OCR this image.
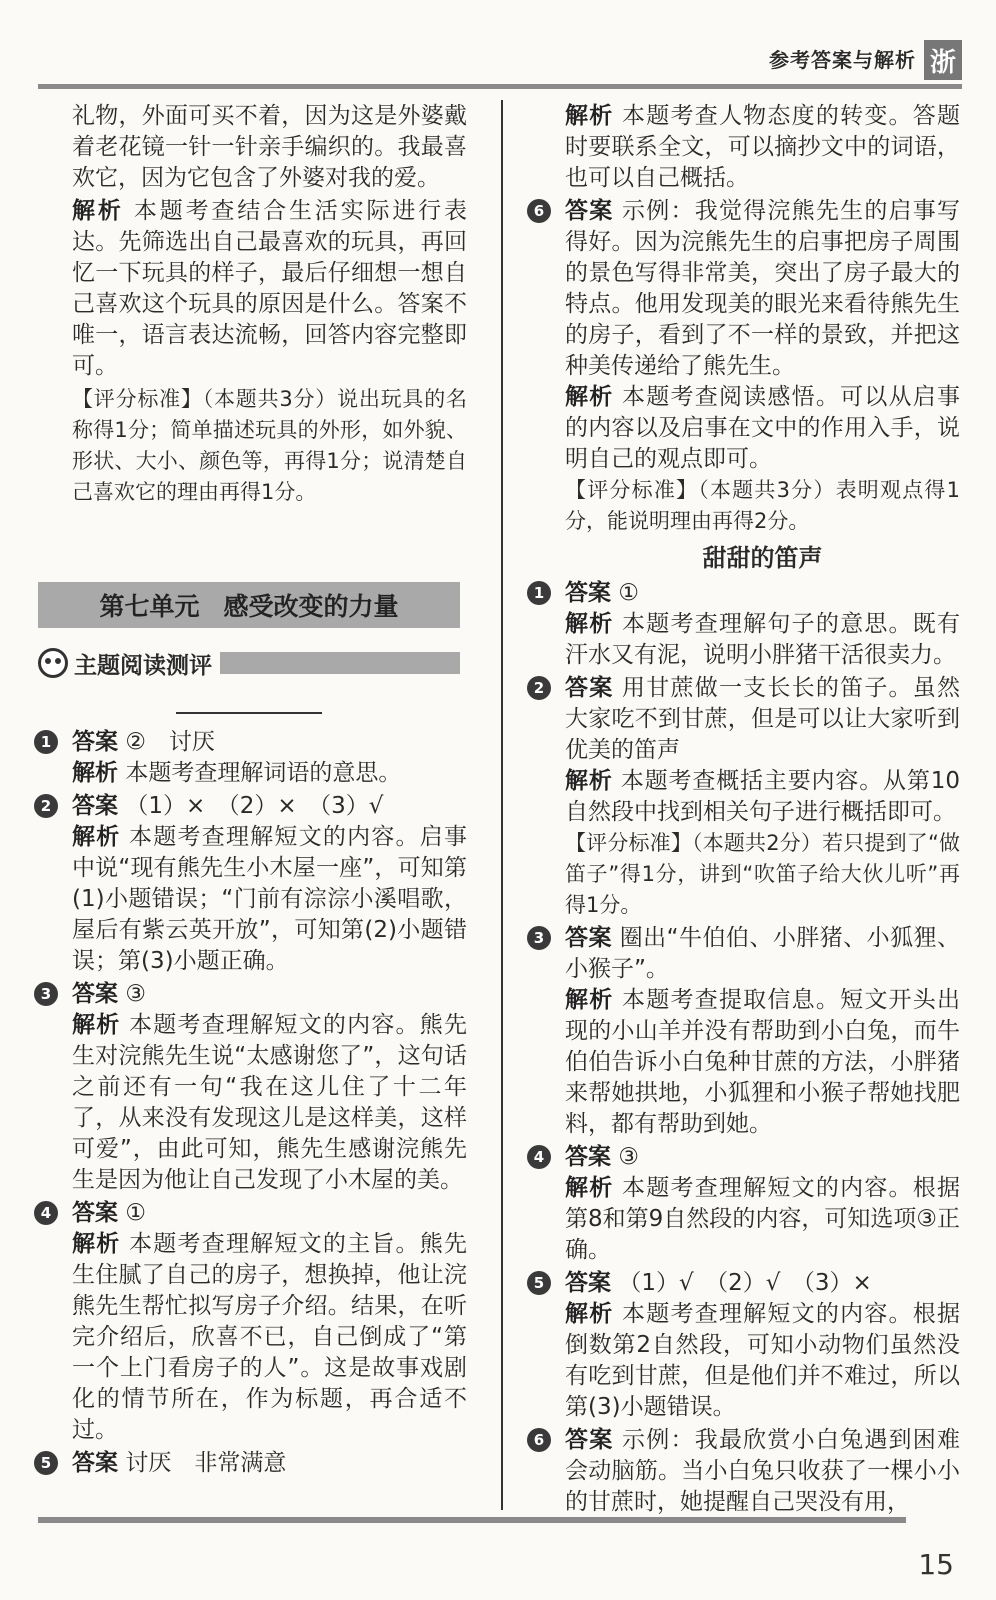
参考答案与解析 浙

礼物，外面可买不着，因为这是外婆戴着老花镜一针一针亲手编织的。我最喜欢它，因为它包含了外婆对我的爱。

解析 本题考查结合生活实际进行表达。先筛选出自己最喜欢的玩具，再回忆一下玩具的样子，最后仔细想一想自己喜欢这个玩具的原因是什么。答案不唯一，语言表达流畅，回答内容完整即可。

【评分标准】（本题共3分）说出玩具的名称得1分；简单描述玩具的外形，如外貌、形状、大小、颜色等，再得1分；说清楚自己喜欢它的理由再得1分。

第七单元 感受改变的力量
主题阅读测评
1 答案 ②　讨厌
解析 本题考查理解词语的意思。
2 答案 （1）×　（2）×　（3）√
解析 本题考查理解短文的内容。启事中说“现有熊先生小木屋一座”，可知第(1)小题错误；“门前有淙淙小溪唱歌，屋后有紫云英开放”，可知第(2)小题错误；第(3)小题正确。
3 答案 ③
解析 本题考查理解短文的内容。熊先生对浣熊先生说“太感谢您了”，这句话之前还有一句“我在这儿住了十二年了，从来没有发现这儿是这样美，这样可爱”，由此可知，熊先生感谢浣熊先生是因为他让自己发现了小木屋的美。
4 答案 ①
解析 本题考查理解短文的主旨。熊先生住腻了自己的房子，想换掉，他让浣熊先生帮忙拟写房子介绍。结果，在听完介绍后，欣喜不已，自己倒成了“第一个上门看房子的人”。这是故事戏剧化的情节所在，作为标题，再合适不过。
5 答案 讨厌　非常满意

解析 本题考查人物态度的转变。答题时要联系全文，可以摘抄文中的词语，也可以自己概括。

6 答案 示例：我觉得浣熊先生的启事写得好。因为浣熊先生的启事把房子周围的景色写得非常美，突出了房子最大的特点。他用发现美的眼光来看待熊先生的房子，看到了不一样的景致，并把这种美传递给了熊先生。
解析 本题考查阅读感悟。可以从启事的内容以及启事在文中的作用入手，说明自己的观点即可。
【评分标准】（本题共3分）表明观点得1分，能说明理由再得2分。
甜甜的笛声
1 答案 ①
解析 本题考查理解句子的意思。既有汗水又有泥，说明小胖猪干活很卖力。
2 答案 用甘蔗做一支长长的笛子。虽然大家吃不到甘蔗，但是可以让大家听到优美的笛声
解析 本题考查概括主要内容。从第10自然段中找到相关句子进行概括即可。
【评分标准】（本题共2分）若只提到了“做笛子”得1分，讲到“吹笛子给大伙儿听”再得1分。
3 答案 圈出“牛伯伯、小胖猪、小狐狸、小猴子”。
解析 本题考查提取信息。短文开头出现的小山羊并没有帮助到小白兔，而牛伯伯告诉小白兔种甘蔗的方法，小胖猪来帮她拱地，小狐狸和小猴子帮她找肥料，都有帮助到她。
4 答案 ③
解析 本题考查理解短文的内容。根据第8和第9自然段的内容，可知选项③正确。
5 答案 （1）√　（2）√　（3）×
解析 本题考查理解短文的内容。根据倒数第2自然段，可知小动物们虽然没有吃到甘蔗，但是他们并不难过，所以第(3)小题错误。
6 答案 示例：我最欣赏小白兔遇到困难会动脑筋。当小白兔只收获了一棵小小的甘蔗时，她提醒自己哭没有用，
15
